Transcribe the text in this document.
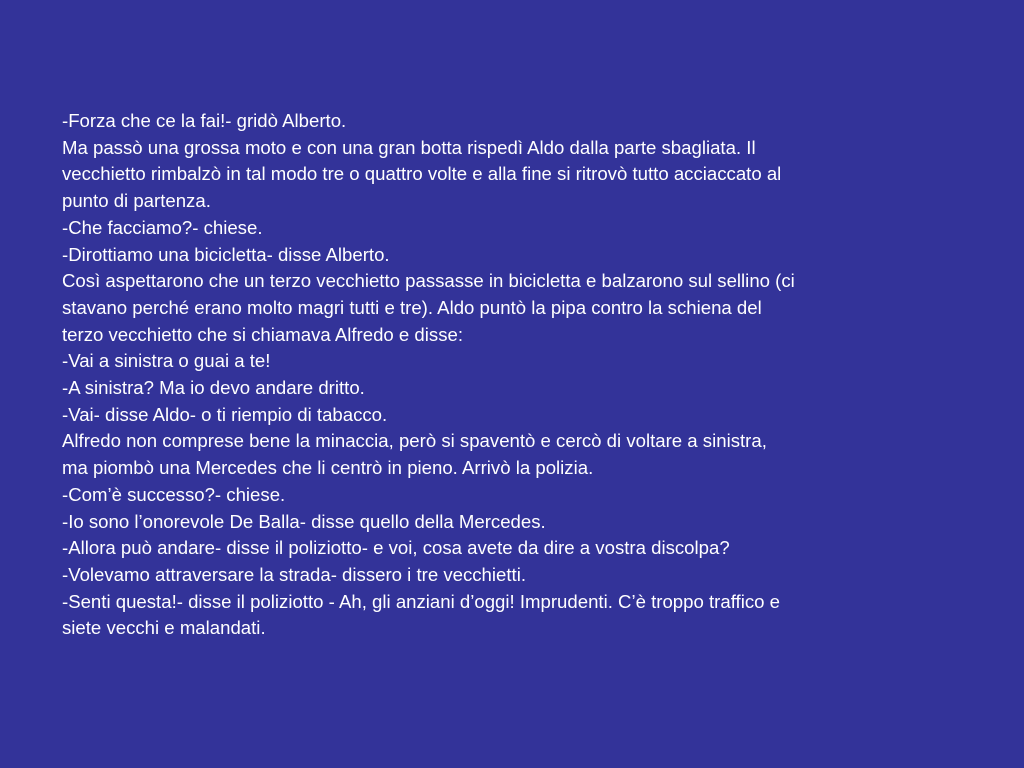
-Forza che ce la fai!- gridò Alberto.
Ma passò una grossa moto e con una gran botta rispedì Aldo dalla parte sbagliata. Il
vecchietto rimbalzò in tal modo tre o quattro volte e alla fine si ritrovò tutto acciaccato al
punto di partenza.
-Che facciamo?- chiese.
-Dirottiamo una bicicletta- disse Alberto.
Così aspettarono che un terzo vecchietto passasse in bicicletta e balzarono sul sellino (ci
stavano perché erano molto magri tutti e tre). Aldo puntò la pipa contro la schiena del
terzo vecchietto che si chiamava Alfredo e disse:
-Vai a sinistra o guai a te!
-A sinistra? Ma io devo andare dritto.
-Vai- disse Aldo- o ti riempio di tabacco.
Alfredo non comprese bene la minaccia, però si spaventò e cercò di voltare a sinistra,
ma piombò una Mercedes che li centrò in pieno. Arrivò la polizia.
-Com’è successo?- chiese.
-Io sono l’onorevole De Balla- disse quello della Mercedes.
-Allora può andare- disse il poliziotto- e voi, cosa avete da dire a vostra discolpa?
-Volevamo attraversare la strada- dissero i tre vecchietti.
-Senti questa!- disse il poliziotto - Ah, gli anziani d’oggi! Imprudenti. C’è troppo traffico e
siete vecchi e malandati.
